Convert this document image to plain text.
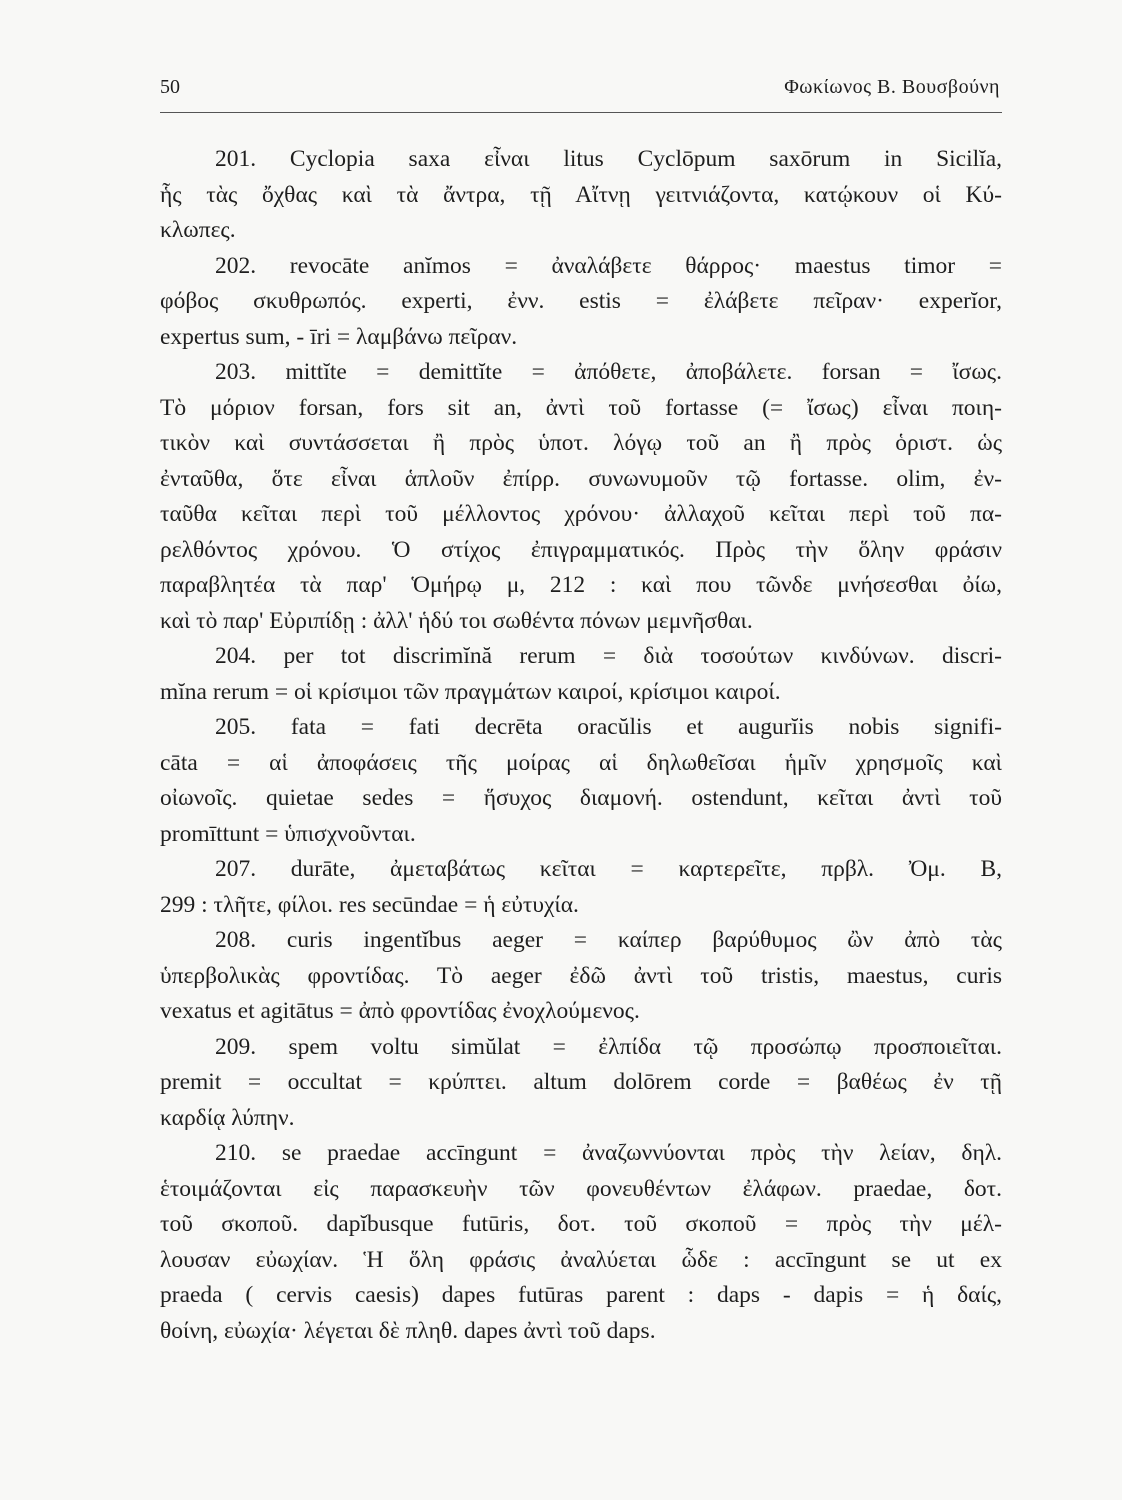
50	Φωκίωνος Β. Βουσβούνη
201. Cyclopia saxa εἶναι litus Cyclōpum saxōrum in Sicilĭa,
ἧς τὰς ὄχθας καὶ τὰ ἄντρα, τῇ Αἴτνῃ γειτνιάζοντα, κατῴκουν οἱ Κύ-
κλωπες.
202. revocāte anĭmos = ἀναλάβετε θάρρος· maestus timor =
φόβος σκυθρωπός. experti, ἐνν. estis = ἐλάβετε πεῖραν· experĭor,
expertus sum, - īri = λαμβάνω πεῖραν.
203. mittĭte = demittĭte = ἀπόθετε, ἀποβάλετε. forsan = ἴσως.
Τὸ μόριον forsan, fors sit an, ἀντὶ τοῦ fortasse (= ἴσως) εἶναι ποιη-
τικὸν καὶ συντάσσεται ἢ πρὸς ὑποτ. λόγῳ τοῦ an ἢ πρὸς ὁριστ. ὡς
ἐνταῦθα, ὅτε εἶναι ἁπλοῦν ἐπίρρ. συνωνυμοῦν τῷ fortasse. olim, ἐν-
ταῦθα κεῖται περὶ τοῦ μέλλοντος χρόνου· ἀλλαχοῦ κεῖται περὶ τοῦ πα-
ρελθόντος χρόνου. Ὁ στίχος ἐπιγραμματικός. Πρὸς τὴν ὅλην φράσιν
παραβλητέα τὰ παρ' Ὁμήρῳ μ, 212 : καὶ που τῶνδε μνήσεσθαι ὀίω,
καὶ τὸ παρ' Εὐριπίδῃ : ἀλλ' ἡδύ τοι σωθέντα πόνων μεμνῆσθαι.
204. per tot discrimĭnă rerum = διὰ τοσούτων κινδύνων. discri-
mĭna rerum = οἱ κρίσιμοι τῶν πραγμάτων καιροί, κρίσιμοι καιροί.
205. fata = fati decrēta oracŭlis et augurĭis nobis signifi-
cāta = αἱ ἀποφάσεις τῆς μοίρας αἱ δηλωθεῖσαι ἡμῖν χρησμοῖς καὶ
οἰωνοῖς. quietae sedes = ἥσυχος διαμονή. ostendunt, κεῖται ἀντὶ τοῦ
promīttunt = ὑπισχνοῦνται.
207. durāte, ἀμεταβάτως κεῖται = καρτερεῖτε, πρβλ. Ὀμ. Β,
299 : τλῆτε, φίλοι. res secūndae = ἡ εὐτυχία.
208. curis ingentĭbus aeger = καίπερ βαρύθυμος ὢν ἀπὸ τὰς
ὑπερβολικὰς φροντίδας. Τὸ aeger ἐδῶ ἀντὶ τοῦ tristis, maestus, curis
vexatus et agitātus = ἀπὸ φροντίδας ἐνοχλούμενος.
209. spem voltu simŭlat = ἐλπίδα τῷ προσώπῳ προσποιεῖται.
premit = occultat = κρύπτει. altum dolōrem corde = βαθέως ἐν τῇ
καρδίᾳ λύπην.
210. se praedae accīngunt = ἀναζωννύονται πρὸς τὴν λείαν, δηλ.
ἑτοιμάζονται εἰς παρασκευὴν τῶν φονευθέντων ἐλάφων. praedae, δοτ.
τοῦ σκοποῦ. dapĭbusque futūris, δοτ. τοῦ σκοποῦ = πρὸς τὴν μέλ-
λουσαν εὐωχίαν. Ἡ ὅλη φράσις ἀναλύεται ὧδε : accīngunt se ut ex
praeda ( cervis caesis) dapes futūras parent : daps - dapis = ἡ δαίς,
θοίνη, εὐωχία· λέγεται δὲ πληθ. dapes ἀντὶ τοῦ daps.
